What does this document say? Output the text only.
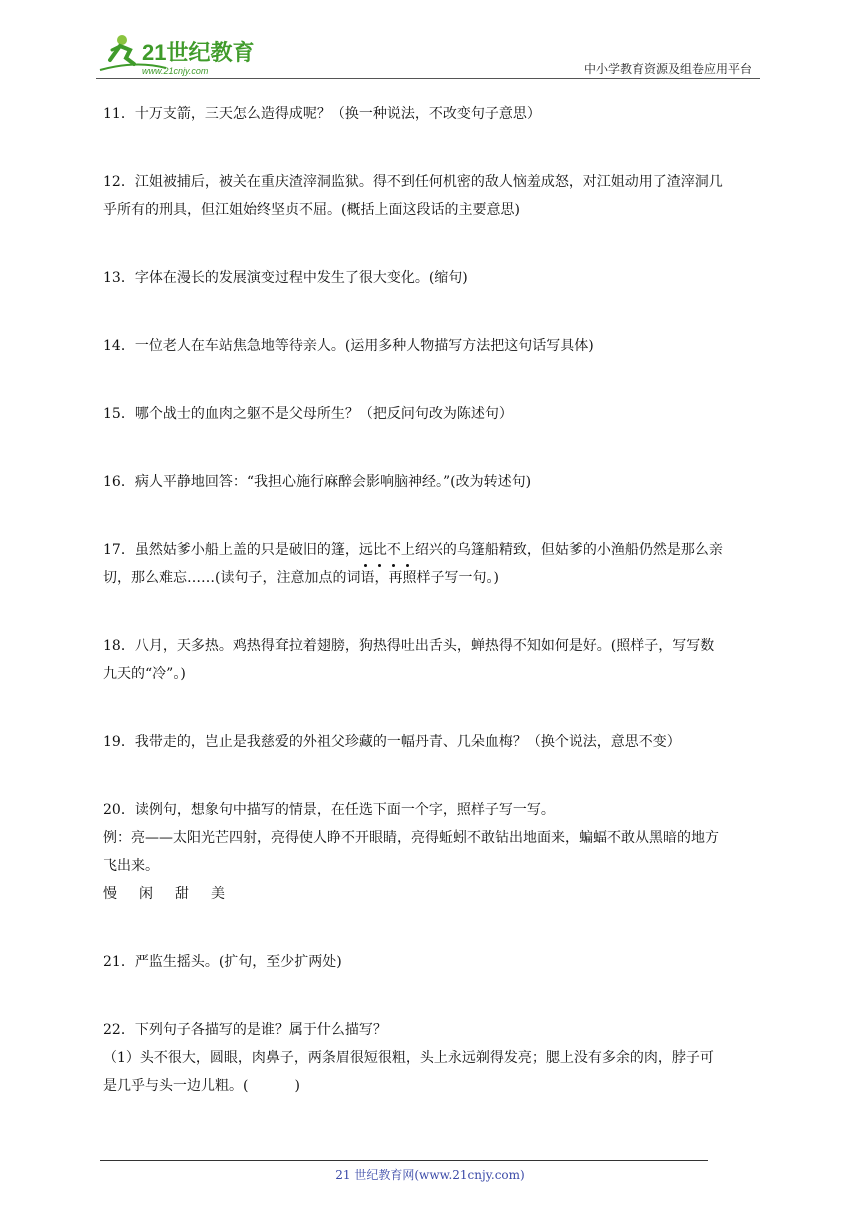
21世纪教育
www.21cnjy.com	中小学教育资源及组卷应用平台

11．十万支箭，三天怎么造得成呢？（换一种说法，不改变句子意思）

12．江姐被捕后，被关在重庆渣滓洞监狱。得不到任何机密的敌人恼羞成怒，对江姐动用了渣滓洞几

乎所有的刑具，但江姐始终坚贞不屈。(概括上面这段话的主要意思)

13．字体在漫长的发展演变过程中发生了很大变化。(缩句)

14．一位老人在车站焦急地等待亲人。(运用多种人物描写方法把这句话写具体)

15．哪个战士的血肉之躯不是父母所生？（把反问句改为陈述句）

16．病人平静地回答：“我担心施行麻醉会影响脑神经。”(改为转述句)

17．虽然姑爹小船上盖的只是破旧的篷，远比不上绍兴的乌篷船精致，但姑爹的小渔船仍然是那么亲

切，那么难忘……(读句子，注意加点的词语，再照样子写一句。)

18．八月，天多热。鸡热得耷拉着翅膀，狗热得吐出舌头，蝉热得不知如何是好。(照样子，写写数

九天的“冷”。)

19．我带走的，岂止是我慈爱的外祖父珍藏的一幅丹青、几朵血梅？（换个说法，意思不变）

20．读例句，想象句中描写的情景，在任选下面一个字，照样子写一写。

例：亮——太阳光芒四射，亮得使人睁不开眼睛，亮得蚯蚓不敢钻出地面来，蝙蝠不敢从黑暗的地方

飞出来。

慢 闲 甜 美

21．严监生摇头。(扩句，至少扩两处)

22．下列句子各描写的是谁？属于什么描写？

（1）头不很大，圆眼，肉鼻子，两条眉很短很粗，头上永远剃得发亮；腮上没有多余的肉，脖子可

是几乎与头一边儿粗。(	)

21 世纪教育网(www.21cnjy.com)
